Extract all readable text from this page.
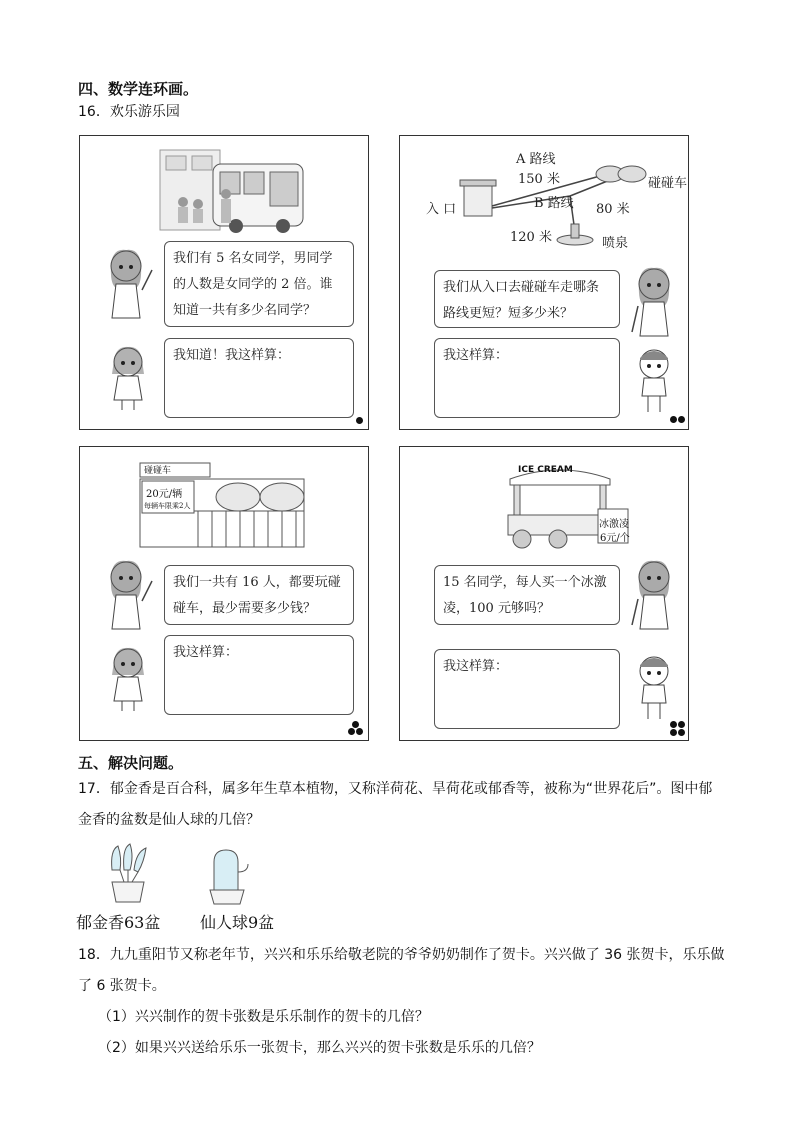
四、数学连环画。
16．欢乐游乐园
我们有 5 名女同学，男同学的人数是女同学的 2 倍。谁知道一共有多少名同学？
我知道！我这样算：
A 路线
150 米	碰碰车
入 口	B 路线 80 米
120 米	喷泉
我们从入口去碰碰车走哪条路线更短？短多少米？
我这样算：
碰碰车
20元/辆
每辆车限乘2人
我们一共有 16 人，都要玩碰碰车，最少需要多少钱？
我这样算：
ICE CREAM
冰激凌
6元/个
15 名同学，每人买一个冰激凌，100 元够吗？
我这样算：
五、解决问题。
17．郁金香是百合科，属多年生草本植物，又称洋荷花、旱荷花或郁香等，被称为“世界花后”。图中郁
金香的盆数是仙人球的几倍？
郁金香63盆 仙人球9盆
18．九九重阳节又称老年节，兴兴和乐乐给敬老院的爷爷奶奶制作了贺卡。兴兴做了 36 张贺卡，乐乐做
了 6 张贺卡。
（1）兴兴制作的贺卡张数是乐乐制作的贺卡的几倍？
（2）如果兴兴送给乐乐一张贺卡，那么兴兴的贺卡张数是乐乐的几倍？
